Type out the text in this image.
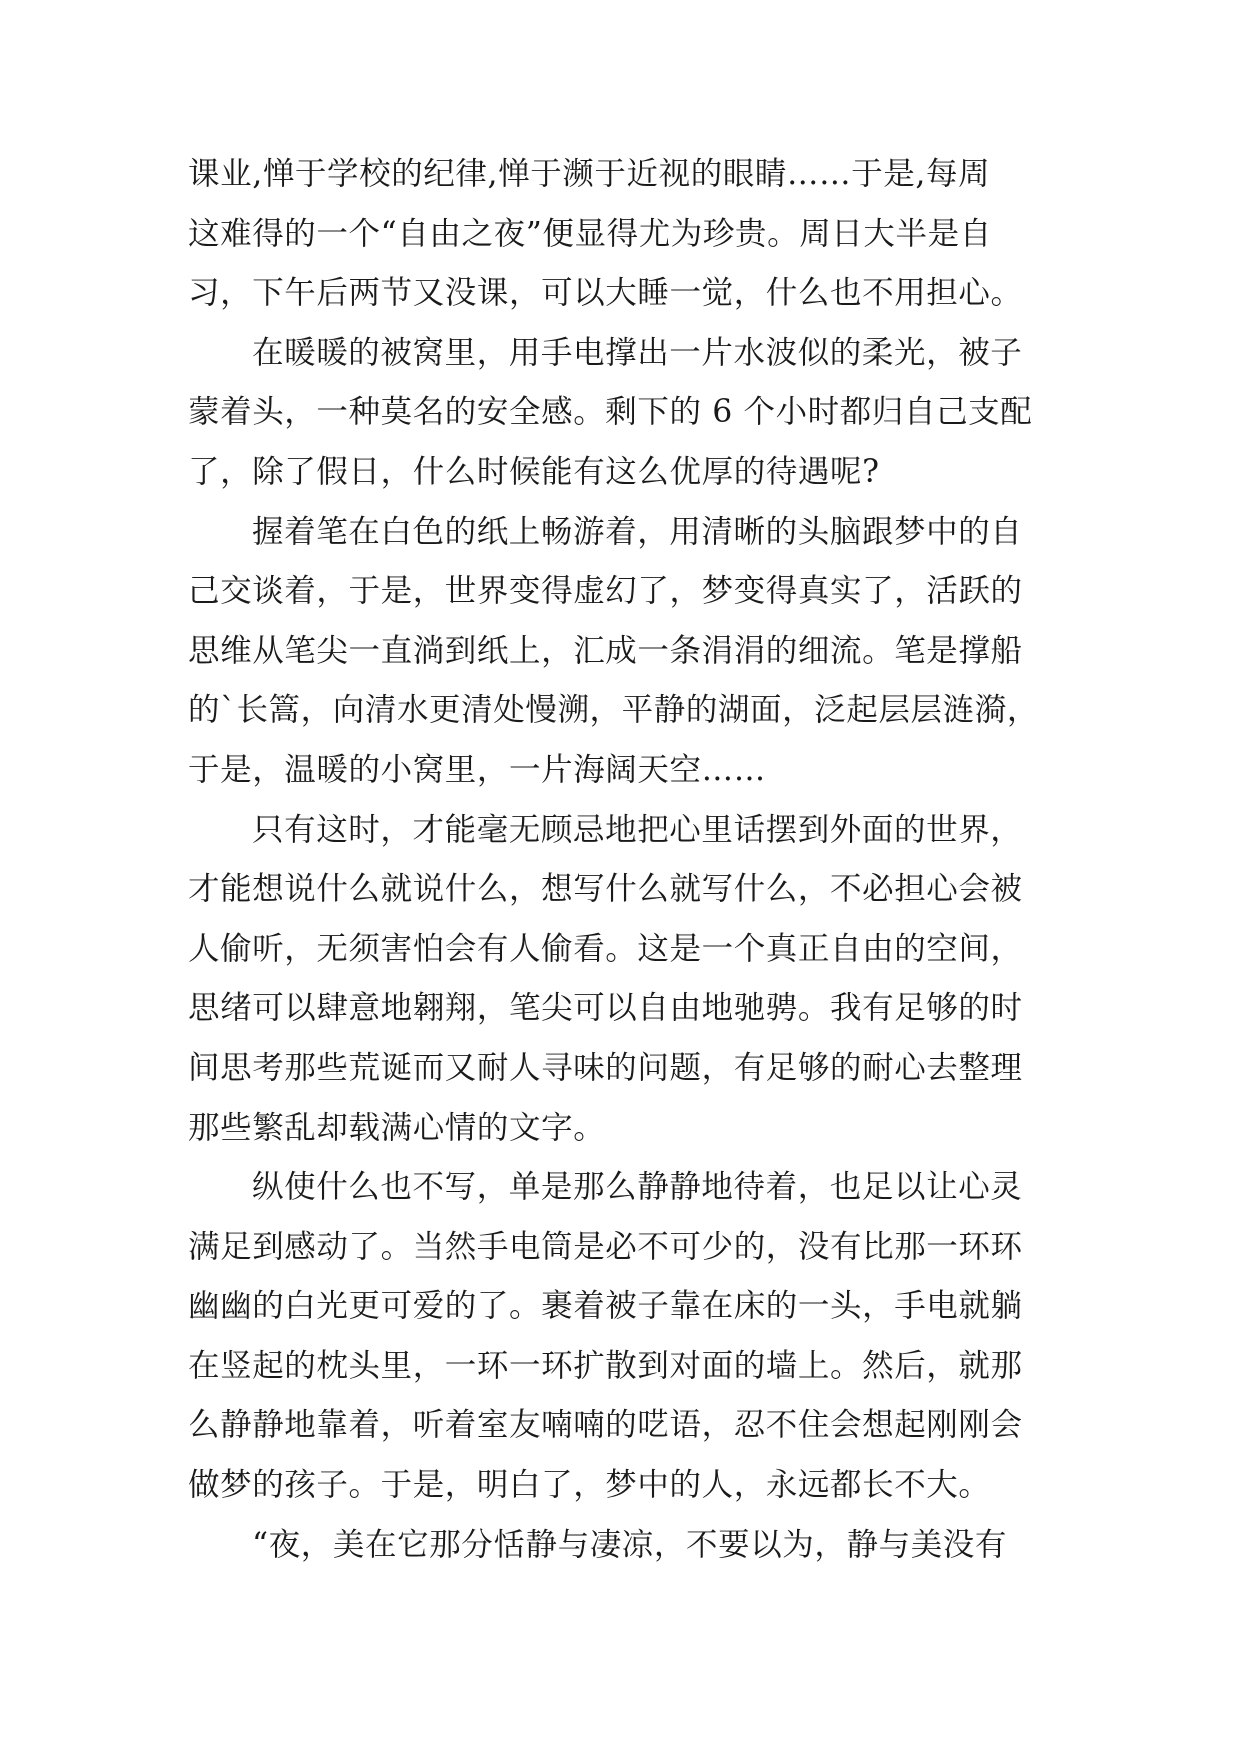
课业,惮于学校的纪律,惮于濒于近视的眼睛……于是,每周
这难得的一个“自由之夜”便显得尤为珍贵。周日大半是自
习，下午后两节又没课，可以大睡一觉，什么也不用担心。
在暖暖的被窝里，用手电撑出一片水波似的柔光，被子
蒙着头，一种莫名的安全感。剩下的 6 个小时都归自己支配
了，除了假日，什么时候能有这么优厚的待遇呢?
握着笔在白色的纸上畅游着，用清晰的头脑跟梦中的自
己交谈着，于是，世界变得虚幻了，梦变得真实了，活跃的
思维从笔尖一直淌到纸上，汇成一条涓涓的细流。笔是撑船
的`长篙，向清水更清处慢溯，平静的湖面，泛起层层涟漪，
于是，温暖的小窝里，一片海阔天空……
只有这时，才能毫无顾忌地把心里话摆到外面的世界，
才能想说什么就说什么，想写什么就写什么，不必担心会被
人偷听，无须害怕会有人偷看。这是一个真正自由的空间，
思绪可以肆意地翱翔，笔尖可以自由地驰骋。我有足够的时
间思考那些荒诞而又耐人寻味的问题，有足够的耐心去整理
那些繁乱却载满心情的文字。
纵使什么也不写，单是那么静静地待着，也足以让心灵
满足到感动了。当然手电筒是必不可少的，没有比那一环环
幽幽的白光更可爱的了。裹着被子靠在床的一头，手电就躺
在竖起的枕头里，一环一环扩散到对面的墙上。然后，就那
么静静地靠着，听着室友喃喃的呓语，忍不住会想起刚刚会
做梦的孩子。于是，明白了，梦中的人，永远都长不大。
“夜，美在它那分恬静与凄凉，不要以为，静与美没有
